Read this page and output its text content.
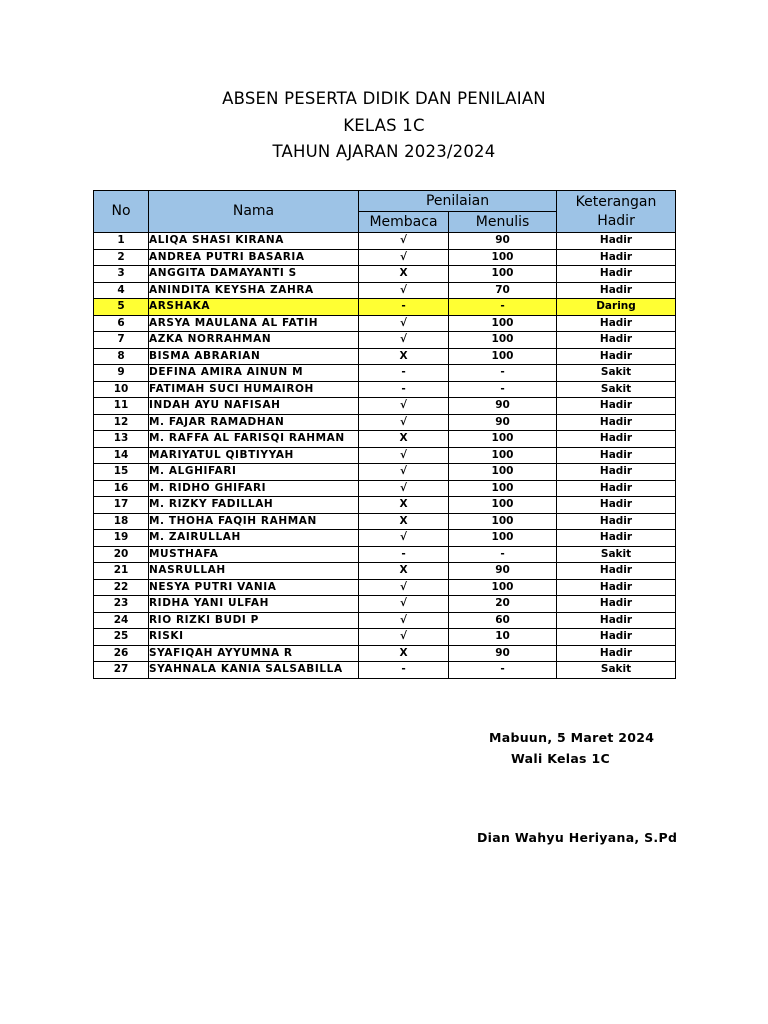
ABSEN PESERTA DIDIK DAN PENILAIAN
KELAS 1C
TAHUN AJARAN 2023/2024
No	Nama	Penilaian		Keterangan Hadir
		Membaca	Menulis	
1	ALIQA SHASI KIRANA	√	90	Hadir
2	ANDREA PUTRI BASARIA	√	100	Hadir
3	ANGGITA DAMAYANTI S	X	100	Hadir
4	ANINDITA KEYSHA ZAHRA	√	70	Hadir
5	ARSHAKA	-	-	Daring
6	ARSYA MAULANA AL FATIH	√	100	Hadir
7	AZKA NORRAHMAN	√	100	Hadir
8	BISMA ABRARIAN	X	100	Hadir
9	DEFINA AMIRA AINUN M	-	-	Sakit
10	FATIMAH SUCI HUMAIROH	-	-	Sakit
11	INDAH AYU NAFISAH	√	90	Hadir
12	M. FAJAR RAMADHAN	√	90	Hadir
13	M. RAFFA AL FARISQI RAHMAN	X	100	Hadir
14	MARIYATUL QIBTIYYAH	√	100	Hadir
15	M. ALGHIFARI	√	100	Hadir
16	M. RIDHO GHIFARI	√	100	Hadir
17	M. RIZKY FADILLAH	X	100	Hadir
18	M. THOHA FAQIH RAHMAN	X	100	Hadir
19	M. ZAIRULLAH	√	100	Hadir
20	MUSTHAFA	-	-	Sakit
21	NASRULLAH	X	90	Hadir
22	NESYA PUTRI VANIA	√	100	Hadir
23	RIDHA YANI ULFAH	√	20	Hadir
24	RIO RIZKI BUDI P	√	60	Hadir
25	RISKI	√	10	Hadir
26	SYAFIQAH AYYUMNA R	X	90	Hadir
27	SYAHNALA KANIA SALSABILLA	-	-	Sakit
Mabuun, 5 Maret 2024
Wali Kelas 1C
Dian Wahyu Heriyana, S.Pd
